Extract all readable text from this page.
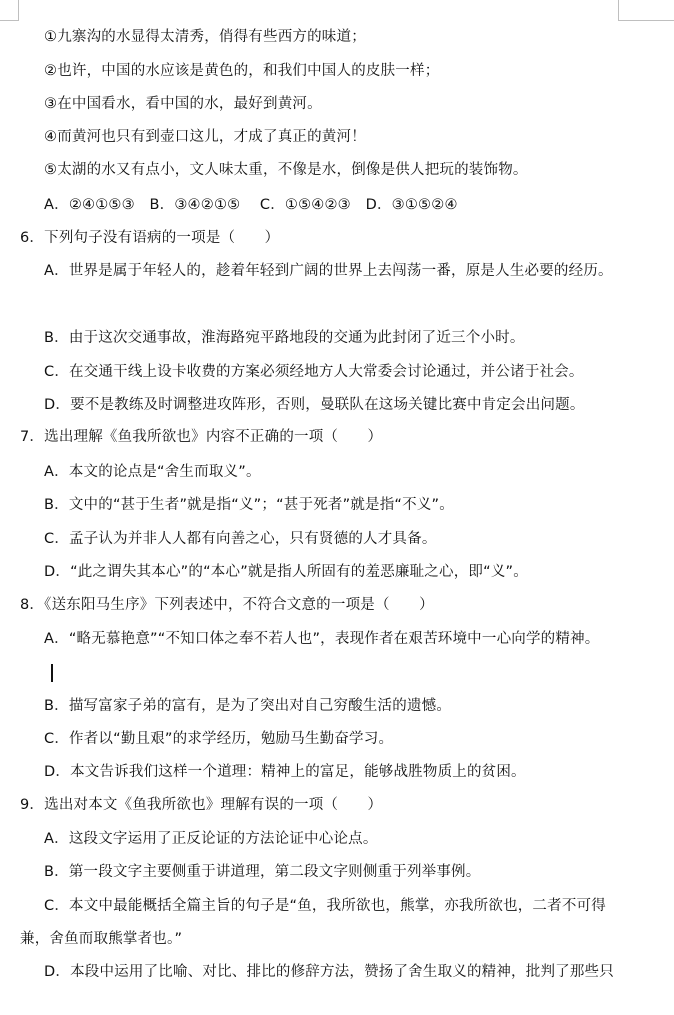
①九寨沟的水显得太清秀，俏得有些西方的味道；
②也许，中国的水应该是黄色的，和我们中国人的皮肤一样；
③在中国看水，看中国的水，最好到黄河。
④而黄河也只有到壶口这儿，才成了真正的黄河！
⑤太湖的水又有点小，文人味太重，不像是水，倒像是供人把玩的装饰物。
A．②④①⑤③　B．③④②①⑤　 C．①⑤④②③　D．③①⑤②④
6．下列句子没有语病的一项是（　　）
A．世界是属于年轻人的，趁着年轻到广阔的世界上去闯荡一番，原是人生必要的经历。
B．由于这次交通事故，淮海路宛平路地段的交通为此封闭了近三个小时。
C．在交通干线上设卡收费的方案必须经地方人大常委会讨论通过，并公诸于社会。
D．要不是教练及时调整进攻阵形，否则，曼联队在这场关键比赛中肯定会出问题。
7．选出理解《鱼我所欲也》内容不正确的一项（　　）
A．本文的论点是“舍生而取义”。
B．文中的“甚于生者”就是指“义”；“甚于死者”就是指“不义”。
C．孟子认为并非人人都有向善之心，只有贤德的人才具备。
D．“此之谓失其本心”的“本心”就是指人所固有的羞恶廉耻之心，即“义”。
8．《送东阳马生序》下列表述中，不符合文意的一项是（　　）
A．“略无慕艳意”“不知口体之奉不若人也”，表现作者在艰苦环境中一心向学的精神。
B．描写富家子弟的富有，是为了突出对自己穷酸生活的遗憾。
C．作者以“勤且艰”的求学经历，勉励马生勤奋学习。
D．本文告诉我们这样一个道理：精神上的富足，能够战胜物质上的贫困。
9．选出对本文《鱼我所欲也》理解有误的一项（　　）
A．这段文字运用了正反论证的方法论证中心论点。
B．第一段文字主要侧重于讲道理，第二段文字则侧重于列举事例。
C．本文中最能概括全篇主旨的句子是“鱼，我所欲也，熊掌，亦我所欲也，二者不可得
兼，舍鱼而取熊掌者也。”
D．本段中运用了比喻、对比、排比的修辞方法，赞扬了舍生取义的精神，批判了那些只
